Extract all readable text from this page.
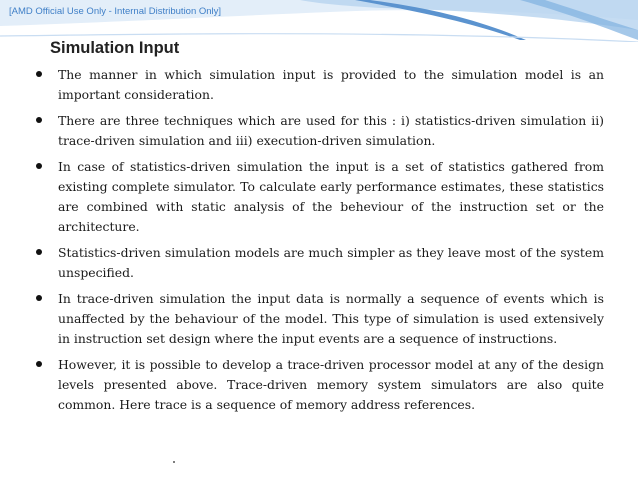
[AMD Official Use Only - Internal Distribution Only]
Simulation Input
The manner in which simulation input is provided to the simulation model is an important consideration.
There are three techniques which are used for this : i) statistics-driven simulation ii) trace-driven simulation and iii) execution-driven simulation.
In case of statistics-driven simulation the input is a set of statistics gathered from existing complete simulator. To calculate early performance estimates, these statistics are combined with static analysis of the beheviour of the instruction set or the architecture.
Statistics-driven simulation models are much simpler as they leave most of the system unspecified.
In trace-driven simulation the input data is normally a sequence of events which is unaffected by the behaviour of the model. This type of simulation is used extensively in instruction set design where the input events are a sequence of instructions.
However, it is possible to develop a trace-driven processor model at any of the design levels presented above. Trace-driven memory system simulators are also quite common. Here trace is a sequence of memory address references.
